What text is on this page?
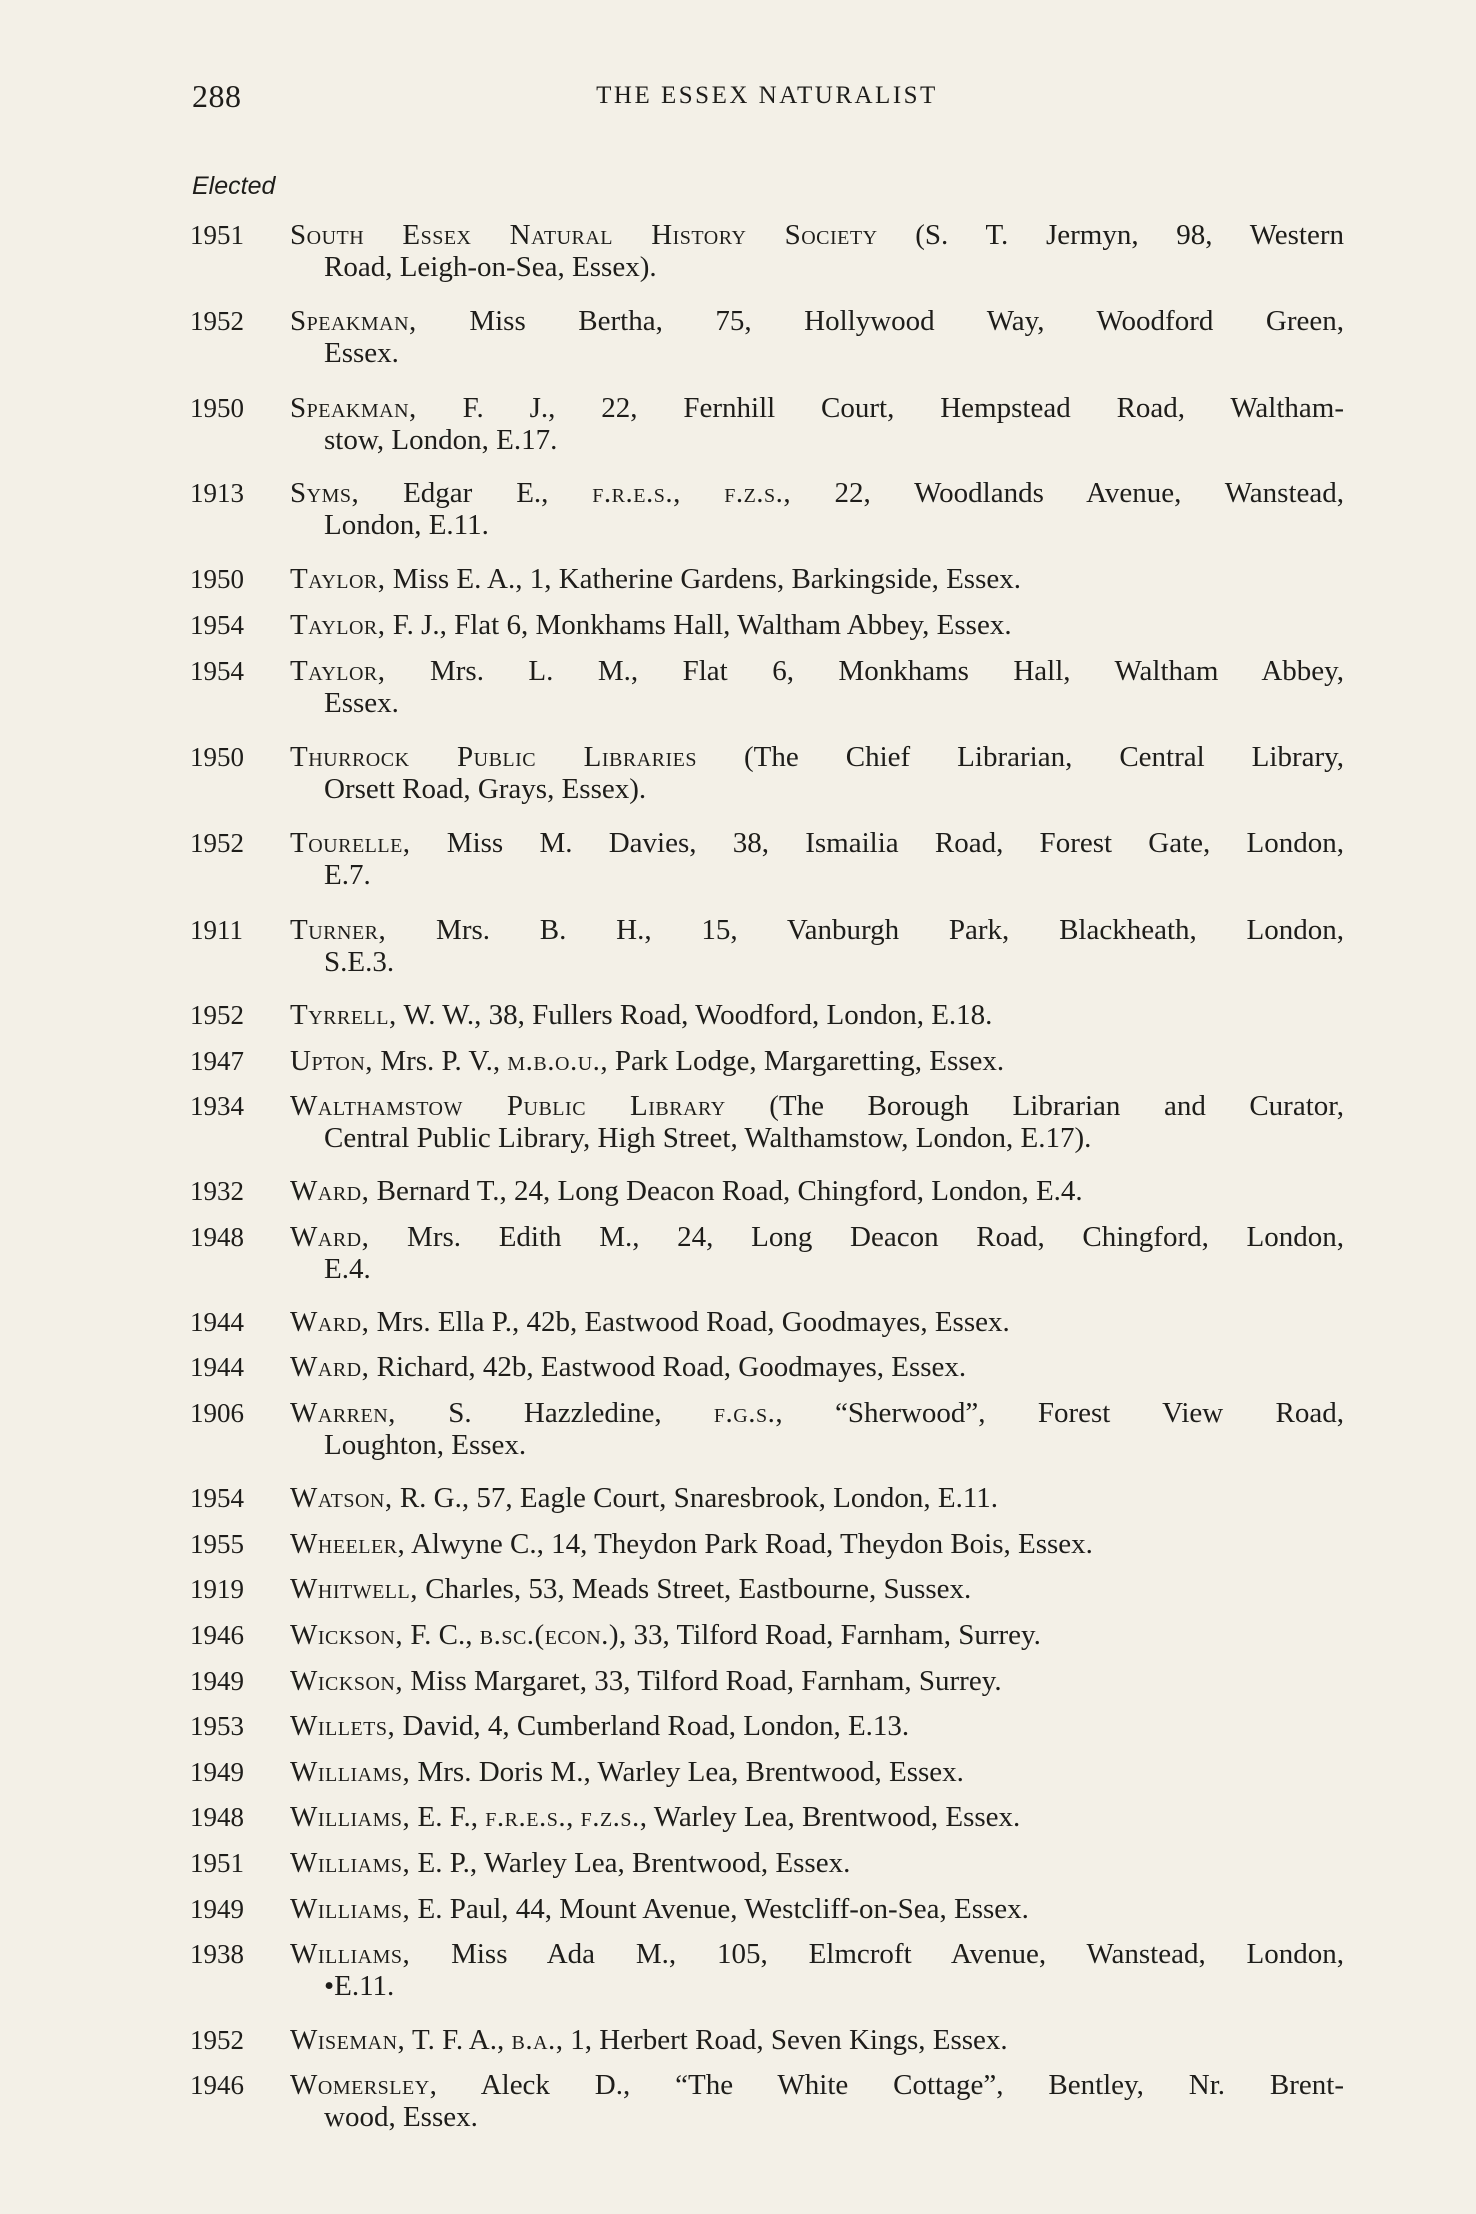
288	THE ESSEX NATURALIST
Elected
1951 South Essex Natural History Society (S. T. Jermyn, 98, Western
Road, Leigh-on-Sea, Essex).
1952 Speakman, Miss Bertha, 75, Hollywood Way, Woodford Green,
Essex.
1950 Speakman, F. J., 22, Fernhill Court, Hempstead Road, Waltham-
stow, London, E.17.
1913 Syms, Edgar E., f.r.e.s., f.z.s., 22, Woodlands Avenue, Wanstead,
London, E.11.
1950 Taylor, Miss E. A., 1, Katherine Gardens, Barkingside, Essex.
1954 Taylor, F. J., Flat 6, Monkhams Hall, Waltham Abbey, Essex.
1954 Taylor, Mrs. L. M., Flat 6, Monkhams Hall, Waltham Abbey,
Essex.
1950 Thurrock Public Libraries (The Chief Librarian, Central Library,
Orsett Road, Grays, Essex).
1952 Tourelle, Miss M. Davies, 38, Ismailia Road, Forest Gate, London,
E.7.
1911 Turner, Mrs. B. H., 15, Vanburgh Park, Blackheath, London,
S.E.3.
1952 Tyrrell, W. W., 38, Fullers Road, Woodford, London, E.18.
1947 Upton, Mrs. P. V., m.b.o.u., Park Lodge, Margaretting, Essex.
1934 Walthamstow Public Library (The Borough Librarian and Curator,
Central Public Library, High Street, Walthamstow, London, E.17).
1932 Ward, Bernard T., 24, Long Deacon Road, Chingford, London, E.4.
1948 Ward, Mrs. Edith M., 24, Long Deacon Road, Chingford, London,
E.4.
1944 Ward, Mrs. Ella P., 42b, Eastwood Road, Goodmayes, Essex.
1944 Ward, Richard, 42b, Eastwood Road, Goodmayes, Essex.
1906 Warren, S. Hazzledine, f.g.s., “Sherwood”, Forest View Road,
Loughton, Essex.
1954 Watson, R. G., 57, Eagle Court, Snaresbrook, London, E.11.
1955 Wheeler, Alwyne C., 14, Theydon Park Road, Theydon Bois, Essex.
1919 Whitwell, Charles, 53, Meads Street, Eastbourne, Sussex.
1946 Wickson, F. C., b.sc.(econ.), 33, Tilford Road, Farnham, Surrey.
1949 Wickson, Miss Margaret, 33, Tilford Road, Farnham, Surrey.
1953 Willets, David, 4, Cumberland Road, London, E.13.
1949 Williams, Mrs. Doris M., Warley Lea, Brentwood, Essex.
1948 Williams, E. F., f.r.e.s., f.z.s., Warley Lea, Brentwood, Essex.
1951 Williams, E. P., Warley Lea, Brentwood, Essex.
1949 Williams, E. Paul, 44, Mount Avenue, Westcliff-on-Sea, Essex.
1938 Williams, Miss Ada M., 105, Elmcroft Avenue, Wanstead, London,
•E.11.
1952 Wiseman, T. F. A., b.a., 1, Herbert Road, Seven Kings, Essex.
1946 Womersley, Aleck D., “The White Cottage”, Bentley, Nr. Brent-
wood, Essex.
